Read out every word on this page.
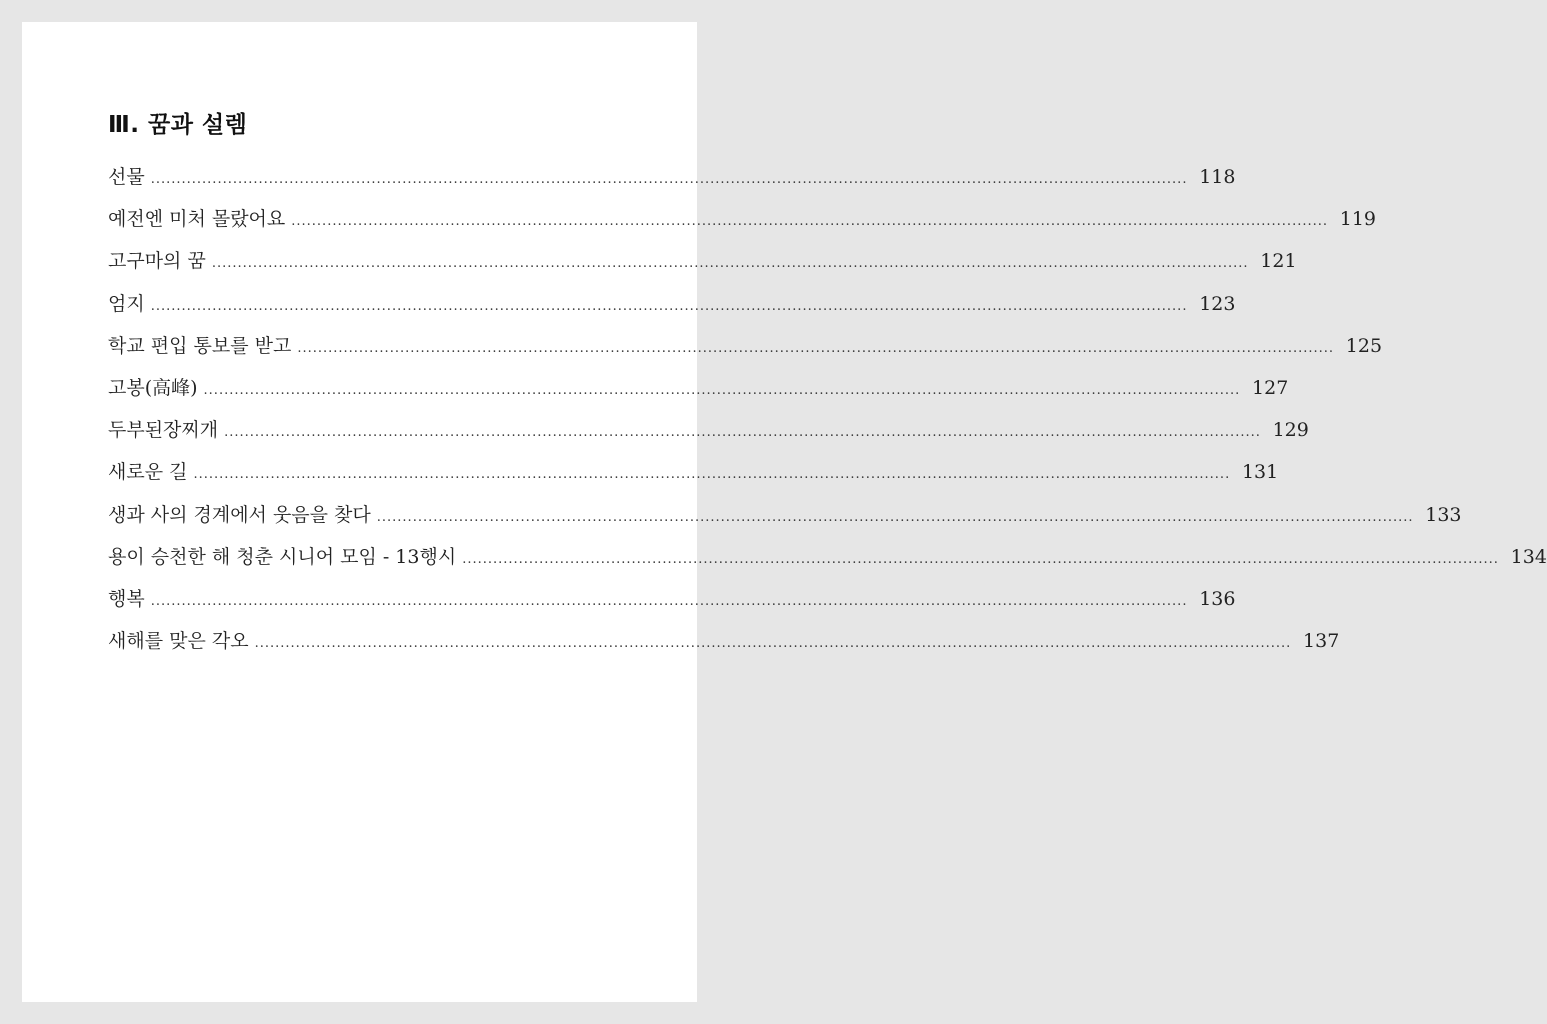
Ⅲ. 꿈과 설렘
선물 .......................................................................................................................................................................................................... 118
예전엔 미처 몰랐어요 .......................................................................................................................................................................................................... 119
고구마의 꿈 .......................................................................................................................................................................................................... 121
엄지 .......................................................................................................................................................................................................... 123
학교 편입 통보를 받고 .......................................................................................................................................................................................................... 125
고봉(高峰) .......................................................................................................................................................................................................... 127
두부된장찌개 .......................................................................................................................................................................................................... 129
새로운 길 .......................................................................................................................................................................................................... 131
생과 사의 경계에서 웃음을 찾다 .......................................................................................................................................................................................................... 133
용이 승천한 해 청춘 시니어 모임 - 13행시 .......................................................................................................................................................................................................... 134
행복 .......................................................................................................................................................................................................... 136
새해를 맞은 각오 .......................................................................................................................................................................................................... 137
